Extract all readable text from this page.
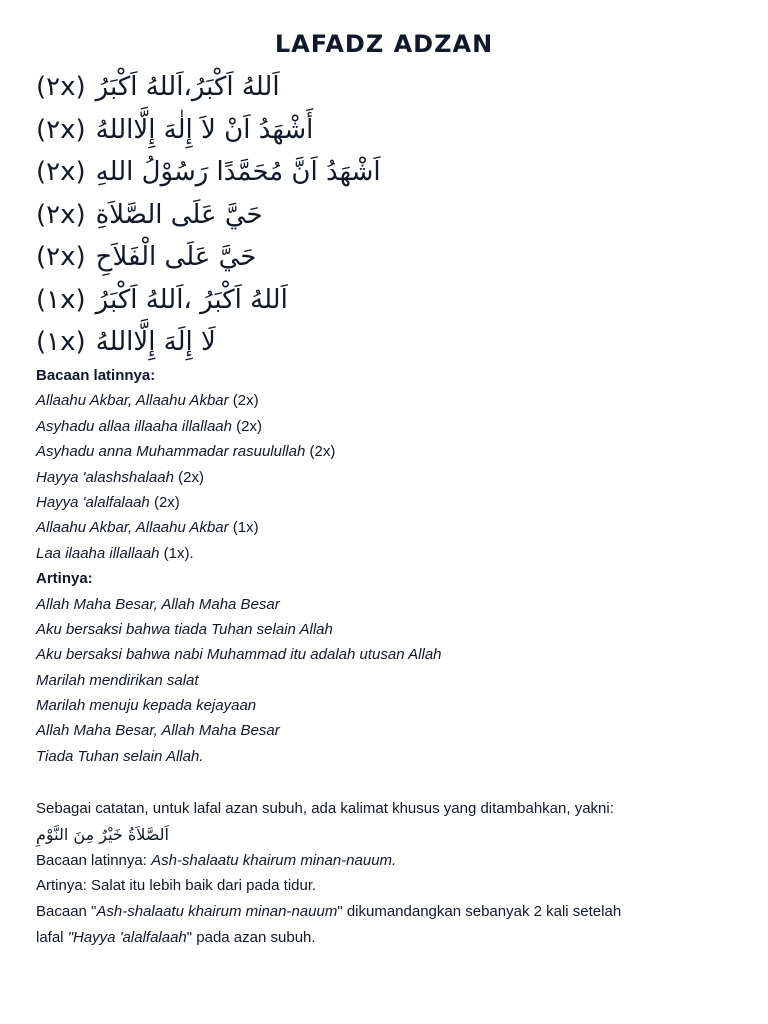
LAFADZ ADZAN
(٢x) اَللهُ اَكْبَرُ،اَللهُ اَكْبَرُ
(٢x) أَشْهَدُ اَنْ لاَ إِلٰهَ إِلَّااللهُ
(٢x) اَشْهَدُ اَنَّ مُحَمَّدًا رَسُوْلُ اللهِ
(٢x) حَيَّ عَلَى الصَّلاَةِ
(٢x) حَيَّ عَلَى الْفَلاَحِ
(١x) اَللهُ اَكْبَرُ ،اَللهُ اَكْبَرُ
(١x) لَا إِلَهَ إِلَّااللهُ
Bacaan latinnya:
Allaahu Akbar, Allaahu Akbar (2x)
Asyhadu allaa illaaha illallaah (2x)
Asyhadu anna Muhammadar rasuulullah (2x)
Hayya 'alashshalaah (2x)
Hayya 'alalfalaah (2x)
Allaahu Akbar, Allaahu Akbar (1x)
Laa ilaaha illallaah (1x).
Artinya:
Allah Maha Besar, Allah Maha Besar
Aku bersaksi bahwa tiada Tuhan selain Allah
Aku bersaksi bahwa nabi Muhammad itu adalah utusan Allah
Marilah mendirikan salat
Marilah menuju kepada kejayaan
Allah Maha Besar, Allah Maha Besar
Tiada Tuhan selain Allah.
Sebagai catatan, untuk lafal azan subuh, ada kalimat khusus yang ditambahkan, yakni:
اَلصَّلاَةُ خَيْرٌ مِنَ النَّوْمِ
Bacaan latinnya: Ash-shalaatu khairum minan-nauum.
Artinya: Salat itu lebih baik dari pada tidur.
Bacaan "Ash-shalaatu khairum minan-nauum" dikumandangkan sebanyak 2 kali setelah
lafal "Hayya 'alalfalaah" pada azan subuh.
